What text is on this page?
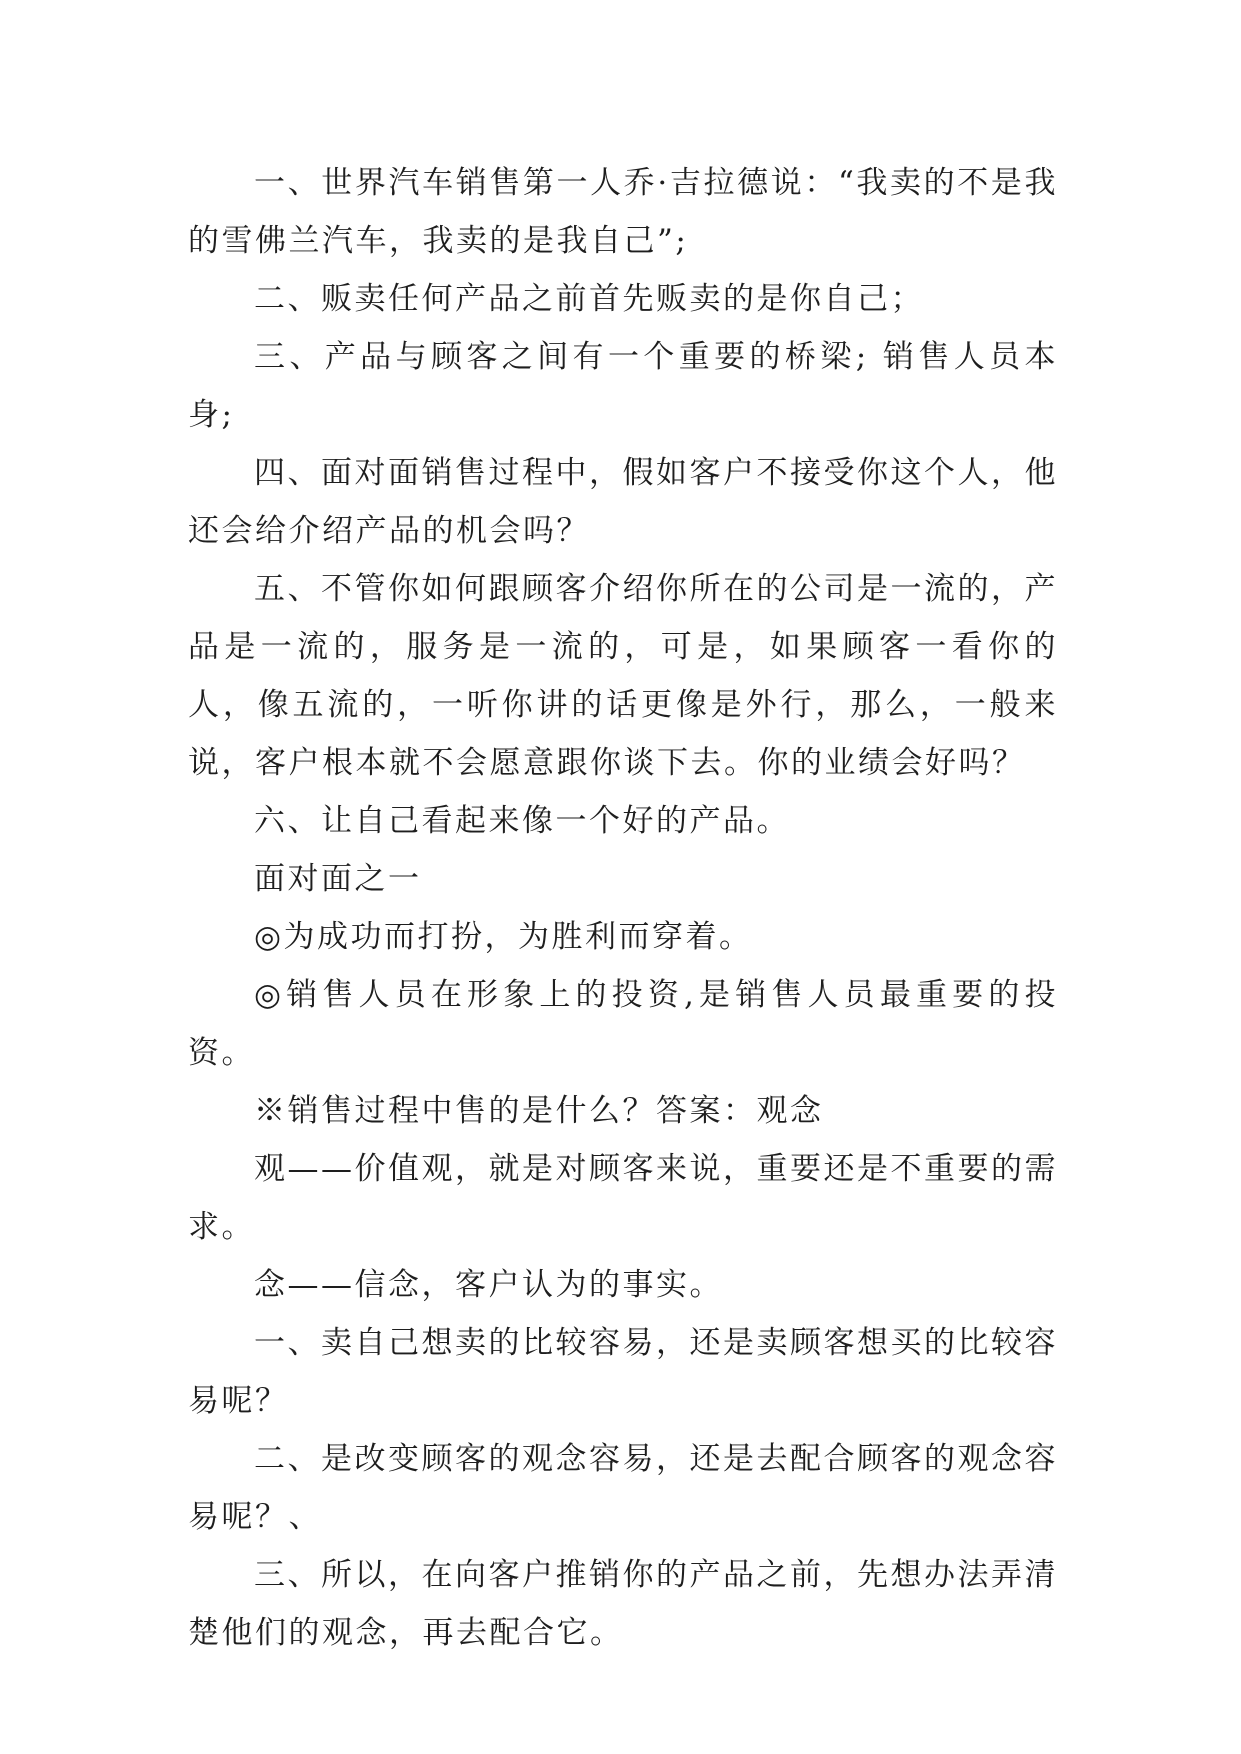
一、世界汽车销售第一人乔·吉拉德说：“我卖的不是我的雪佛兰汽车，我卖的是我自己”;

二、贩卖任何产品之前首先贩卖的是你自己；

三、产品与顾客之间有一个重要的桥梁; 销售人员本身;

四、面对面销售过程中，假如客户不接受你这个人，他还会给介绍产品的机会吗？

五、不管你如何跟顾客介绍你所在的公司是一流的，产品是一流的，服务是一流的，可是，如果顾客一看你的人，像五流的，一听你讲的话更像是外行，那么，一般来说，客户根本就不会愿意跟你谈下去。你的业绩会好吗？

六、让自己看起来像一个好的产品。

面对面之一

◎为成功而打扮，为胜利而穿着。

◎销售人员在形象上的投资,是销售人员最重要的投资。

※销售过程中售的是什么？答案：观念

观——价值观，就是对顾客来说，重要还是不重要的需求。

念——信念，客户认为的事实。

一、卖自己想卖的比较容易，还是卖顾客想买的比较容易呢？

二、是改变顾客的观念容易，还是去配合顾客的观念容易呢？、

三、所以，在向客户推销你的产品之前，先想办法弄清楚他们的观念，再去配合它。
